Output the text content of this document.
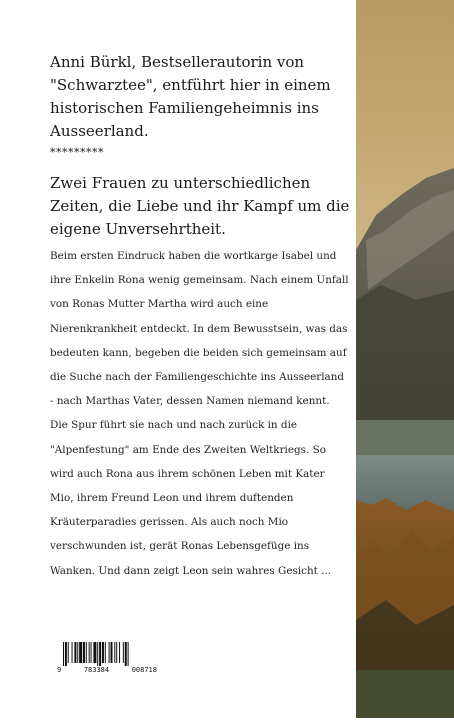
Anni Bürkl, Bestsellerautorin von "Schwarztee", entführt hier in einem historischen Familiengeheimnis ins Ausseerland.
*********
Zwei Frauen zu unterschiedlichen Zeiten, die Liebe und ihr Kampf um die eigene Unversehrtheit.
Beim ersten Eindruck haben die wortkarge Isabel und ihre Enkelin Rona wenig gemeinsam. Nach einem Unfall von Ronas Mutter Martha wird auch eine Nierenkrankheit entdeckt. In dem Bewusstsein, was das bedeuten kann, begeben die beiden sich gemeinsam auf die Suche nach der Familiengeschichte ins Ausseerland - nach Marthas Vater, dessen Namen niemand kennt. Die Spur führt sie nach und nach zurück in die "Alpenfestung" am Ende des Zweiten Weltkriegs. So wird auch Rona aus ihrem schönen Leben mit Kater Mio, ihrem Freund Leon und ihrem duftenden Kräuterparadies gerissen. Als auch noch Mio verschwunden ist, gerät Ronas Lebensgefüge ins Wanken. Und dann zeigt Leon sein wahres Gesicht ...
9	783384	008718
